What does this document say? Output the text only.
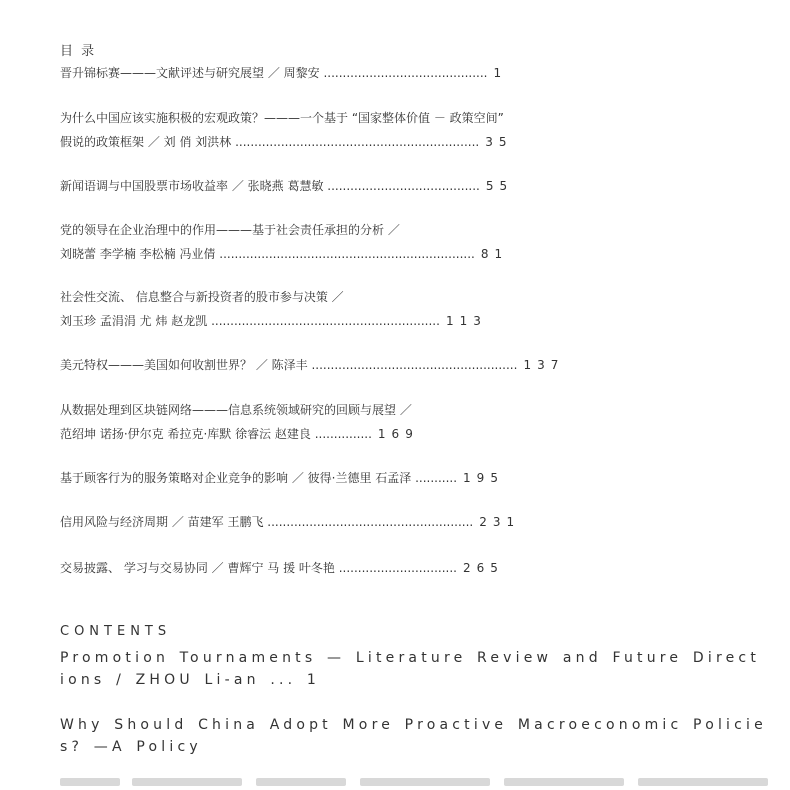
目 录
晋升锦标赛———文献评述与研究展望 ／ 周黎安 ........................................... 1
为什么中国应该实施积极的宏观政策？———一个基于 “国家整体价值 － 政策空间”
假说的政策框架 ／ 刘 俏 刘洪林 ................................................................ 35
新闻语调与中国股票市场收益率 ／ 张晓燕 葛慧敏 ........................................ 55
党的领导在企业治理中的作用———基于社会责任承担的分析 ／
刘晓蕾 李学楠 李松楠 冯业倩 ................................................................... 81
社会性交流、 信息整合与新投资者的股市参与决策 ／
刘玉珍 孟涓涓 尤 炜 赵龙凯 ............................................................ 113
美元特权———美国如何收割世界？ ／ 陈泽丰 ...................................................... 137
从数据处理到区块链网络———信息系统领域研究的回顾与展望 ／
范绍坤 诺扬·伊尔克 希拉克·库默 徐睿沄 赵建良 ............... 169
基于顾客行为的服务策略对企业竞争的影响 ／ 彼得·兰德里 石孟泽 ........... 195
信用风险与经济周期 ／ 苗建军 王鹏飞 ...................................................... 231
交易披露、 学习与交易协同 ／ 曹辉宁 马 援 叶冬艳 ............................... 265
CONTENTS
Promotion Tournaments — Literature Review and Future Direct
ions / ZHOU Li-an ... 1
Why Should China Adopt More Proactive Macroeconomic Policie
s? —A Policy
